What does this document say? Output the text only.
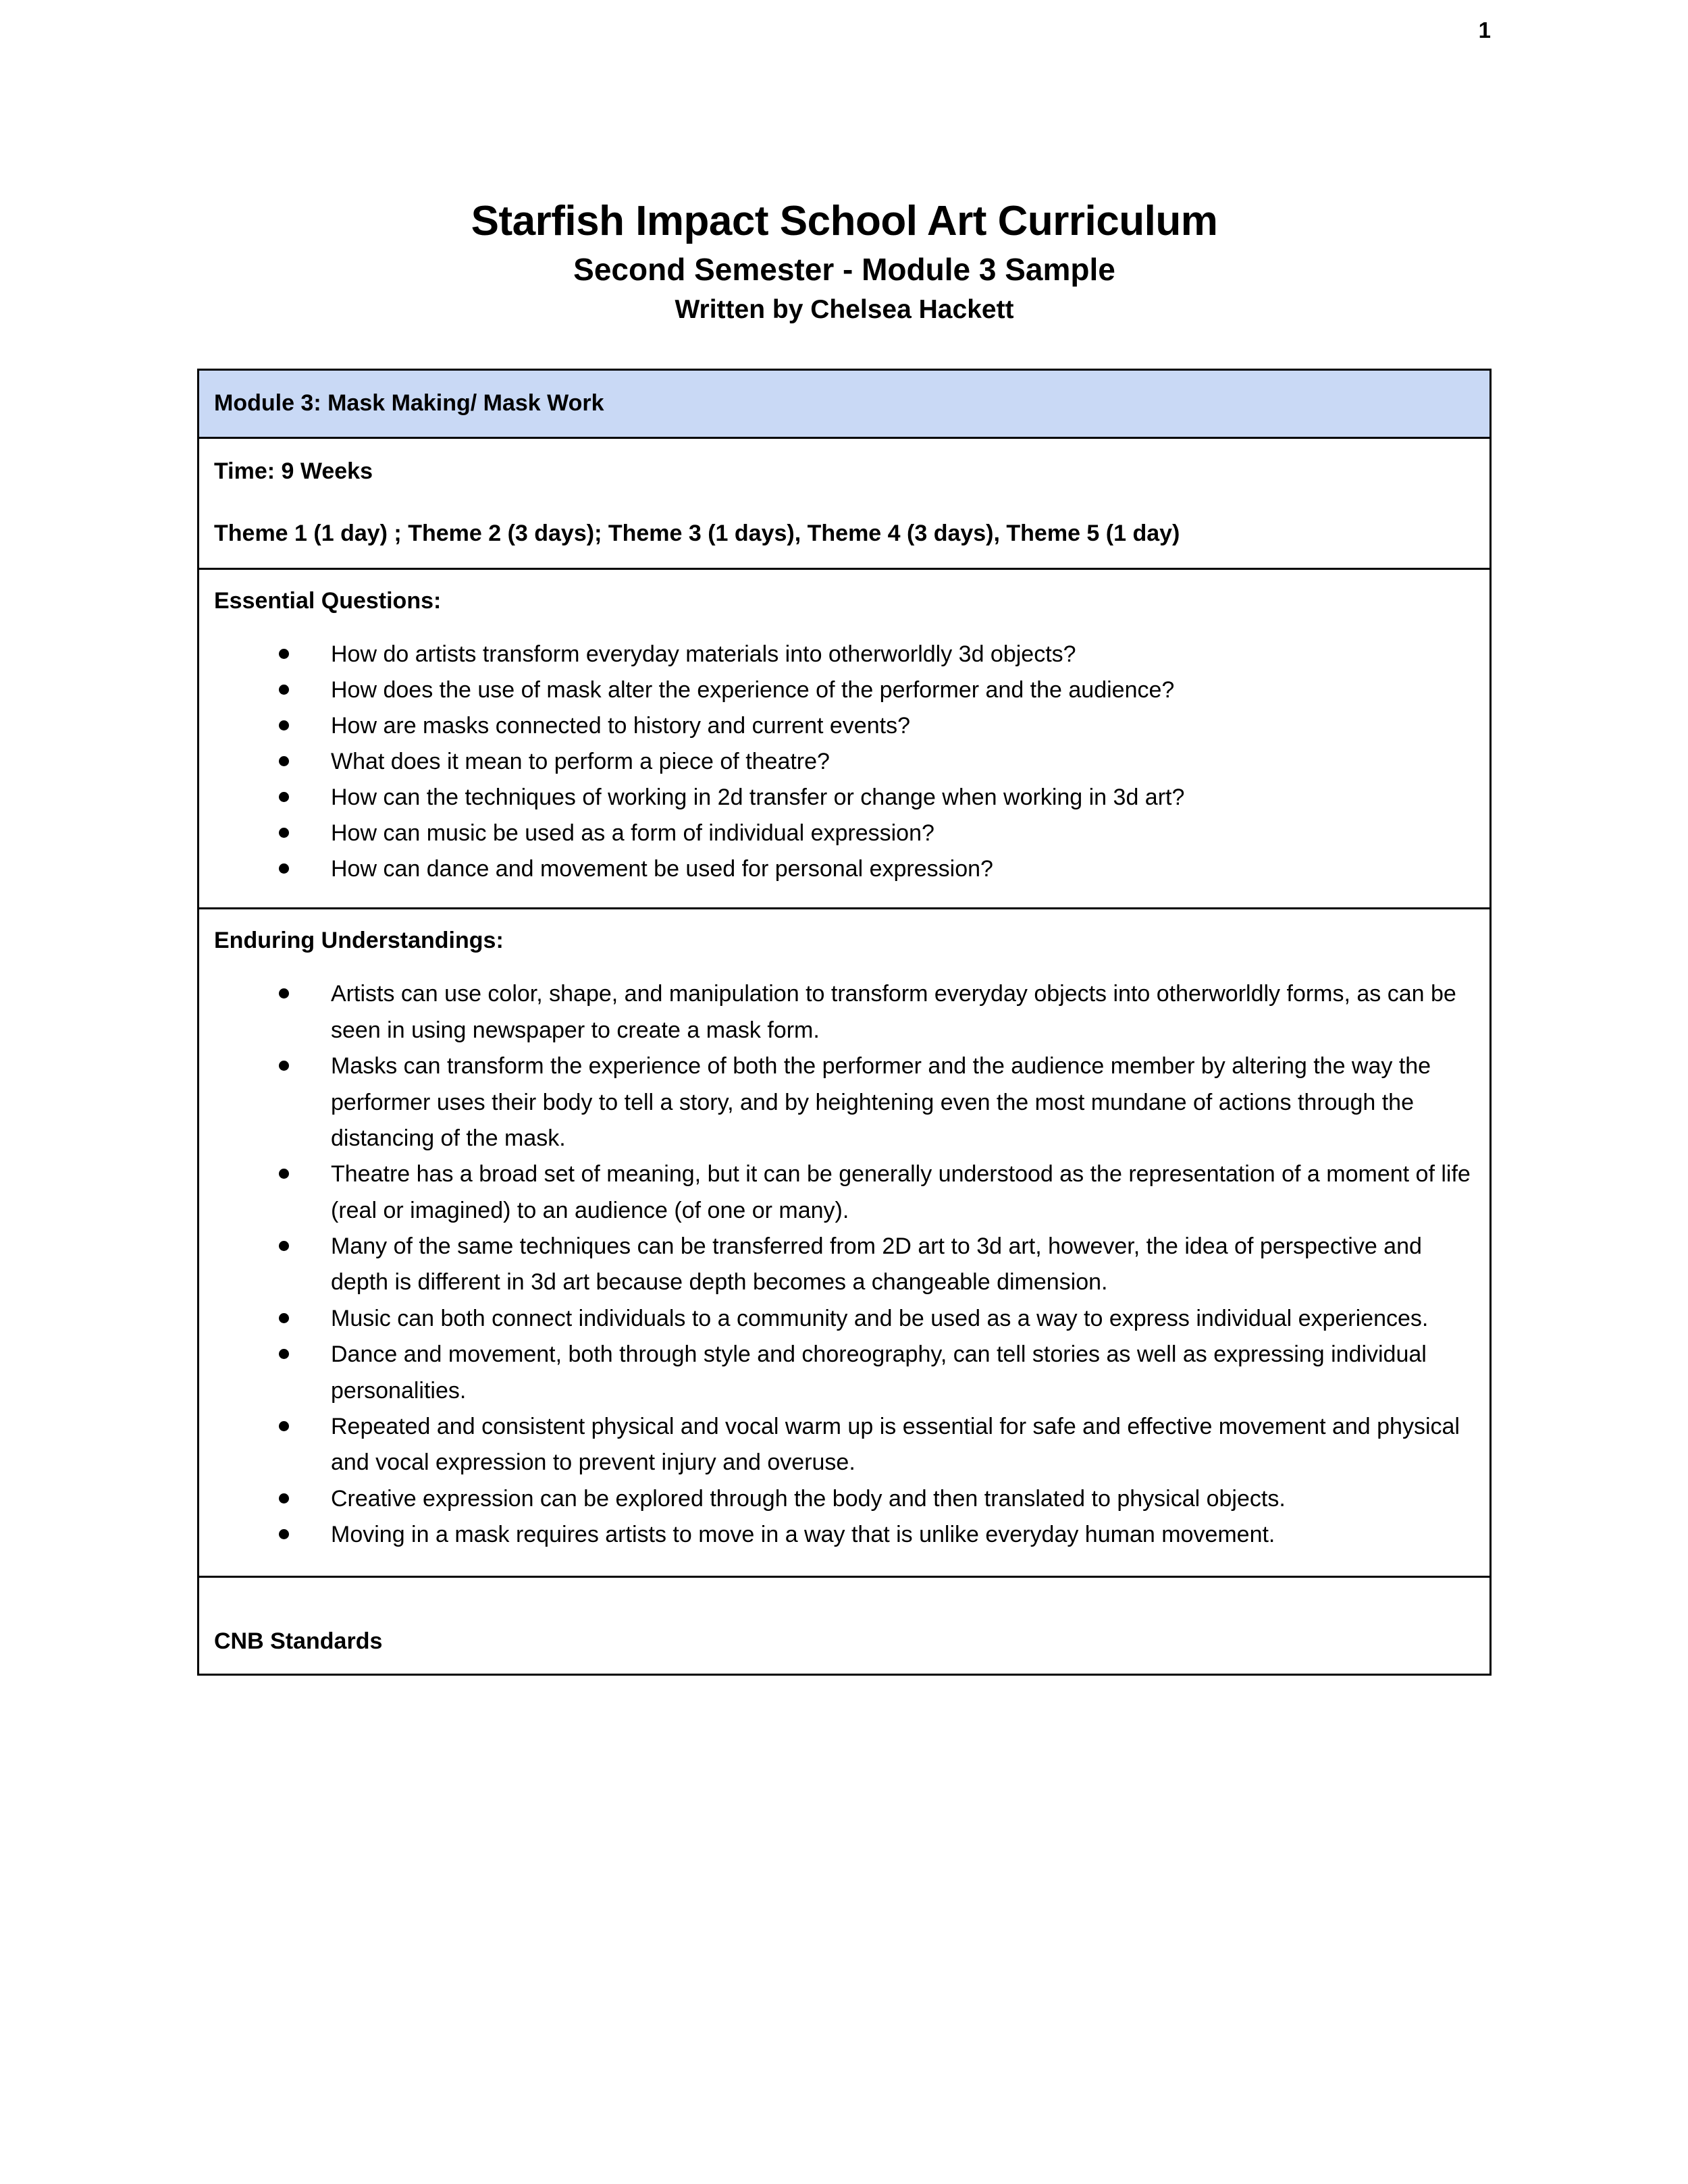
1
Starfish Impact School Art Curriculum
Second Semester - Module 3 Sample
Written by Chelsea Hackett

Module 3: Mask Making/ Mask Work

Time: 9 Weeks

Theme 1 (1 day) ; Theme 2 (3 days); Theme 3 (1 days), Theme 4 (3 days), Theme 5 (1 day)

Essential Questions:

How do artists transform everyday materials into otherworldly 3d objects?
How does the use of mask alter the experience of the performer and the audience?
How are masks connected to history and current events?
What does it mean to perform a piece of theatre?
How can the techniques of working in 2d transfer or change when working in 3d art?
How can music be used as a form of individual expression?
How can dance and movement be used for personal expression?

Enduring Understandings:

Artists can use color, shape, and manipulation to transform everyday objects into otherworldly forms, as can be seen in using newspaper to create a mask form.
Masks can transform the experience of both the performer and the audience member by altering the way the performer uses their body to tell a story, and by heightening even the most mundane of actions through the distancing of the mask.
Theatre has a broad set of meaning, but it can be generally understood as the representation of a moment of life (real or imagined) to an audience (of one or many).
Many of the same techniques can be transferred from 2D art to 3d art, however, the idea of perspective and depth is different in 3d art because depth becomes a changeable dimension.
Music can both connect individuals to a community and be used as a way to express individual experiences.
Dance and movement, both through style and choreography, can tell stories as well as expressing individual personalities.
Repeated and consistent physical and vocal warm up is essential for safe and effective movement and physical and vocal expression to prevent injury and overuse.
Creative expression can be explored through the body and then translated to physical objects.
Moving in a mask requires artists to move in a way that is unlike everyday human movement.

CNB Standards
